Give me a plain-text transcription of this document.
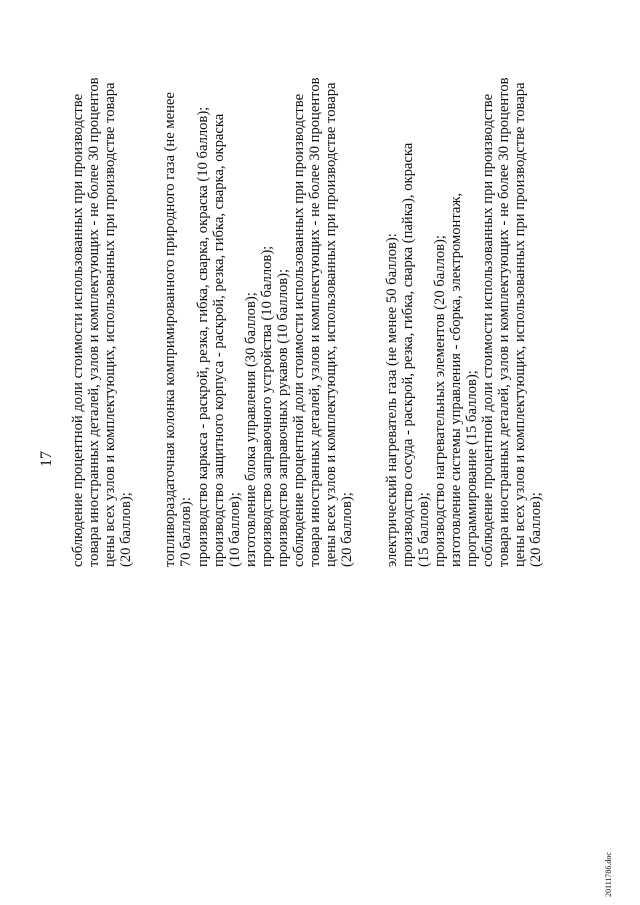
17 соблюдение процентной доли стоимости использованных при производстве товара иностранных деталей, узлов и комплектующих - не более 30 процентов цены всех узлов и комплектующих, использованных при производстве товара (20 баллов); топливораздаточная колонка компримированного природного газа (не менее 70 баллов): производство каркаса - раскрой, резка, гибка, сварка, окраска (10 баллов); производство защитного корпуса - раскрой, резка, гибка, сварка, окраска (10 баллов); изготовление блока управления (30 баллов); производство заправочного устройства (10 баллов); производство заправочных рукавов (10 баллов); соблюдение процентной доли стоимости использованных при производстве товара иностранных деталей, узлов и комплектующих - не более 30 процентов цены всех узлов и комплектующих, использованных при производстве товара (20 баллов); электрический нагреватель газа (не менее 50 баллов): производство сосуда - раскрой, резка, гибка, сварка (пайка), окраска (15 баллов); производство нагревательных элементов (20 баллов); изготовление системы управления - сборка, электромонтаж, программирование (15 баллов); соблюдение процентной доли стоимости использованных при производстве товара иностранных деталей, узлов и комплектующих - не более 30 процентов цены всех узлов и комплектующих, использованных при производстве товара (20 баллов);
20111786.doc
